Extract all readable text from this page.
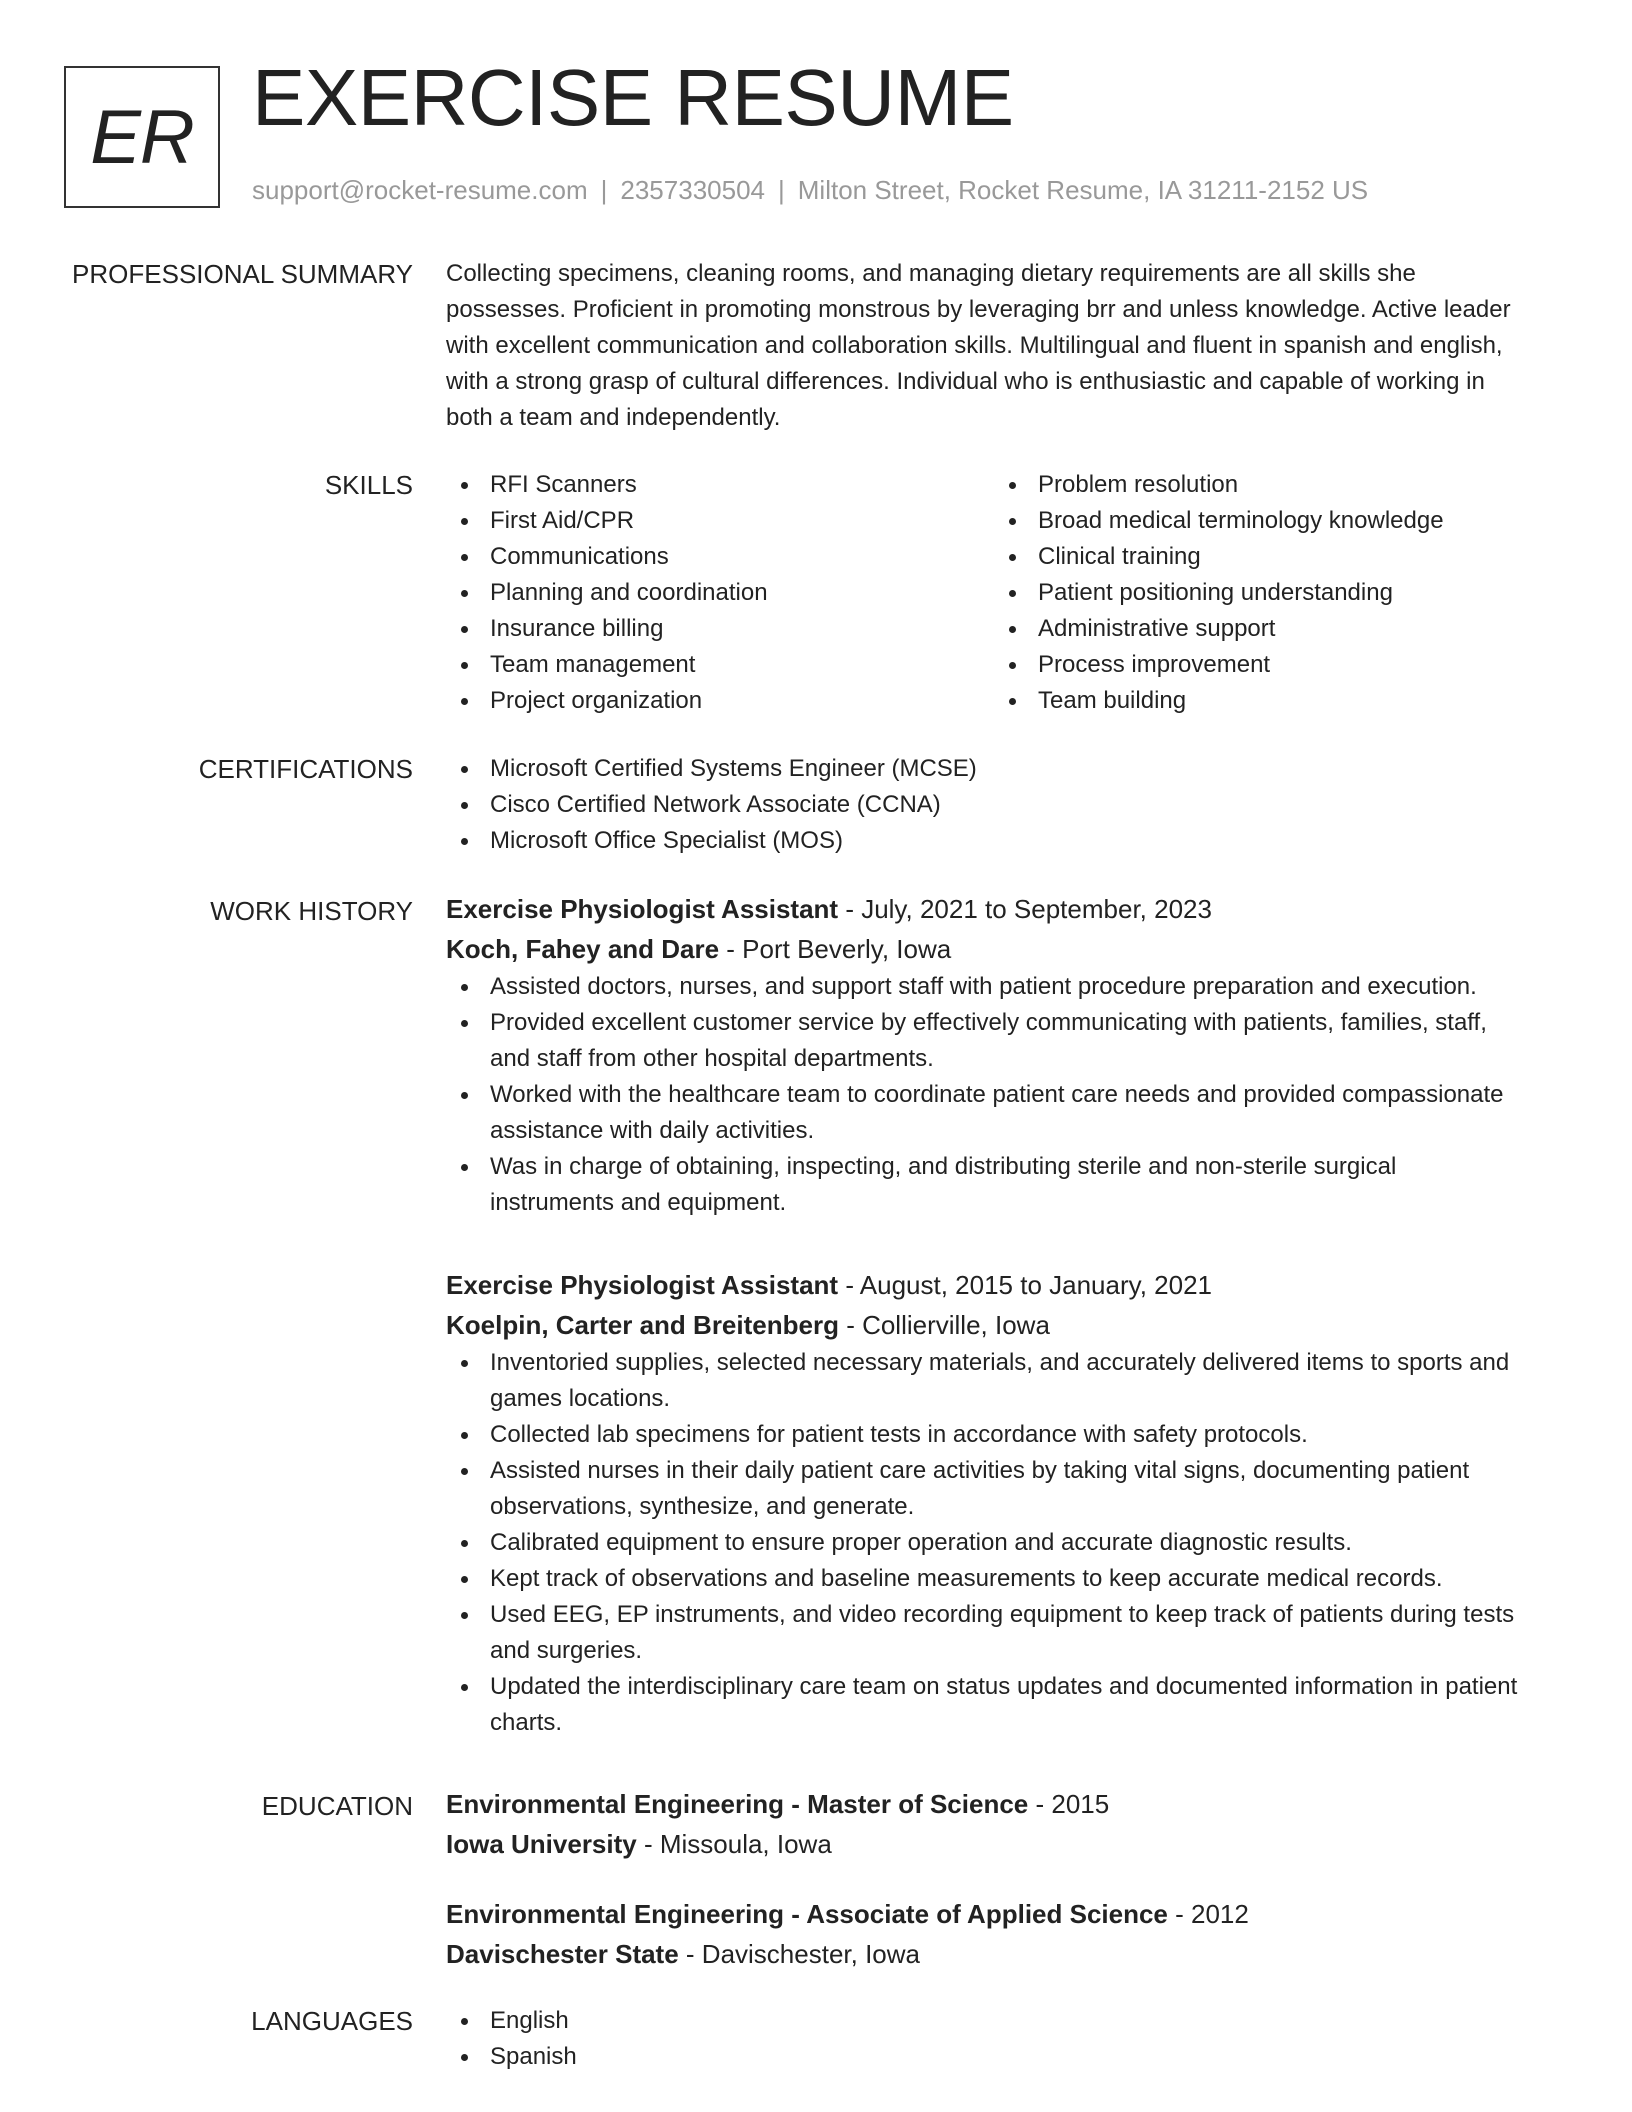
ER EXERCISE RESUME
support@rocket-resume.com | 2357330504 | Milton Street, Rocket Resume, IA 31211-2152 US
PROFESSIONAL SUMMARY Collecting specimens, cleaning rooms, and managing dietary requirements are all skills she
possesses. Proficient in promoting monstrous by leveraging brr and unless knowledge. Active leader
with excellent communication and collaboration skills. Multilingual and fluent in spanish and english,
with a strong grasp of cultural differences. Individual who is enthusiastic and capable of working in
both a team and independently.

SKILLS	RFI Scanners
First Aid/CPR
Communications
Planning and coordination
Insurance billing
Team management
Project organization
Problem resolution
Broad medical terminology knowledge
Clinical training
Patient positioning understanding
Administrative support
Process improvement
Team building
CERTIFICATIONS	Microsoft Certified Systems Engineer (MCSE)
Cisco Certified Network Associate (CCNA)
Microsoft Office Specialist (MOS)
WORK HISTORY Exercise Physiologist Assistant - July, 2021 to September, 2023
Koch, Fahey and Dare - Port Beverly, Iowa
Assisted doctors, nurses, and support staff with patient procedure preparation and execution.
Provided excellent customer service by effectively communicating with patients, families, staff,
and staff from other hospital departments.
Worked with the healthcare team to coordinate patient care needs and provided compassionate
assistance with daily activities.
Was in charge of obtaining, inspecting, and distributing sterile and non-sterile surgical
instruments and equipment.
Exercise Physiologist Assistant - August, 2015 to January, 2021
Koelpin, Carter and Breitenberg - Collierville, Iowa
Inventoried supplies, selected necessary materials, and accurately delivered items to sports and
games locations.
Collected lab specimens for patient tests in accordance with safety protocols.
Assisted nurses in their daily patient care activities by taking vital signs, documenting patient
observations, synthesize, and generate.
Calibrated equipment to ensure proper operation and accurate diagnostic results.
Kept track of observations and baseline measurements to keep accurate medical records.
Used EEG, EP instruments, and video recording equipment to keep track of patients during tests
and surgeries.
Updated the interdisciplinary care team on status updates and documented information in patient
charts.
EDUCATION Environmental Engineering - Master of Science - 2015
Iowa University - Missoula, Iowa
Environmental Engineering - Associate of Applied Science - 2012
Davischester State - Davischester, Iowa
LANGUAGES	English
Spanish
